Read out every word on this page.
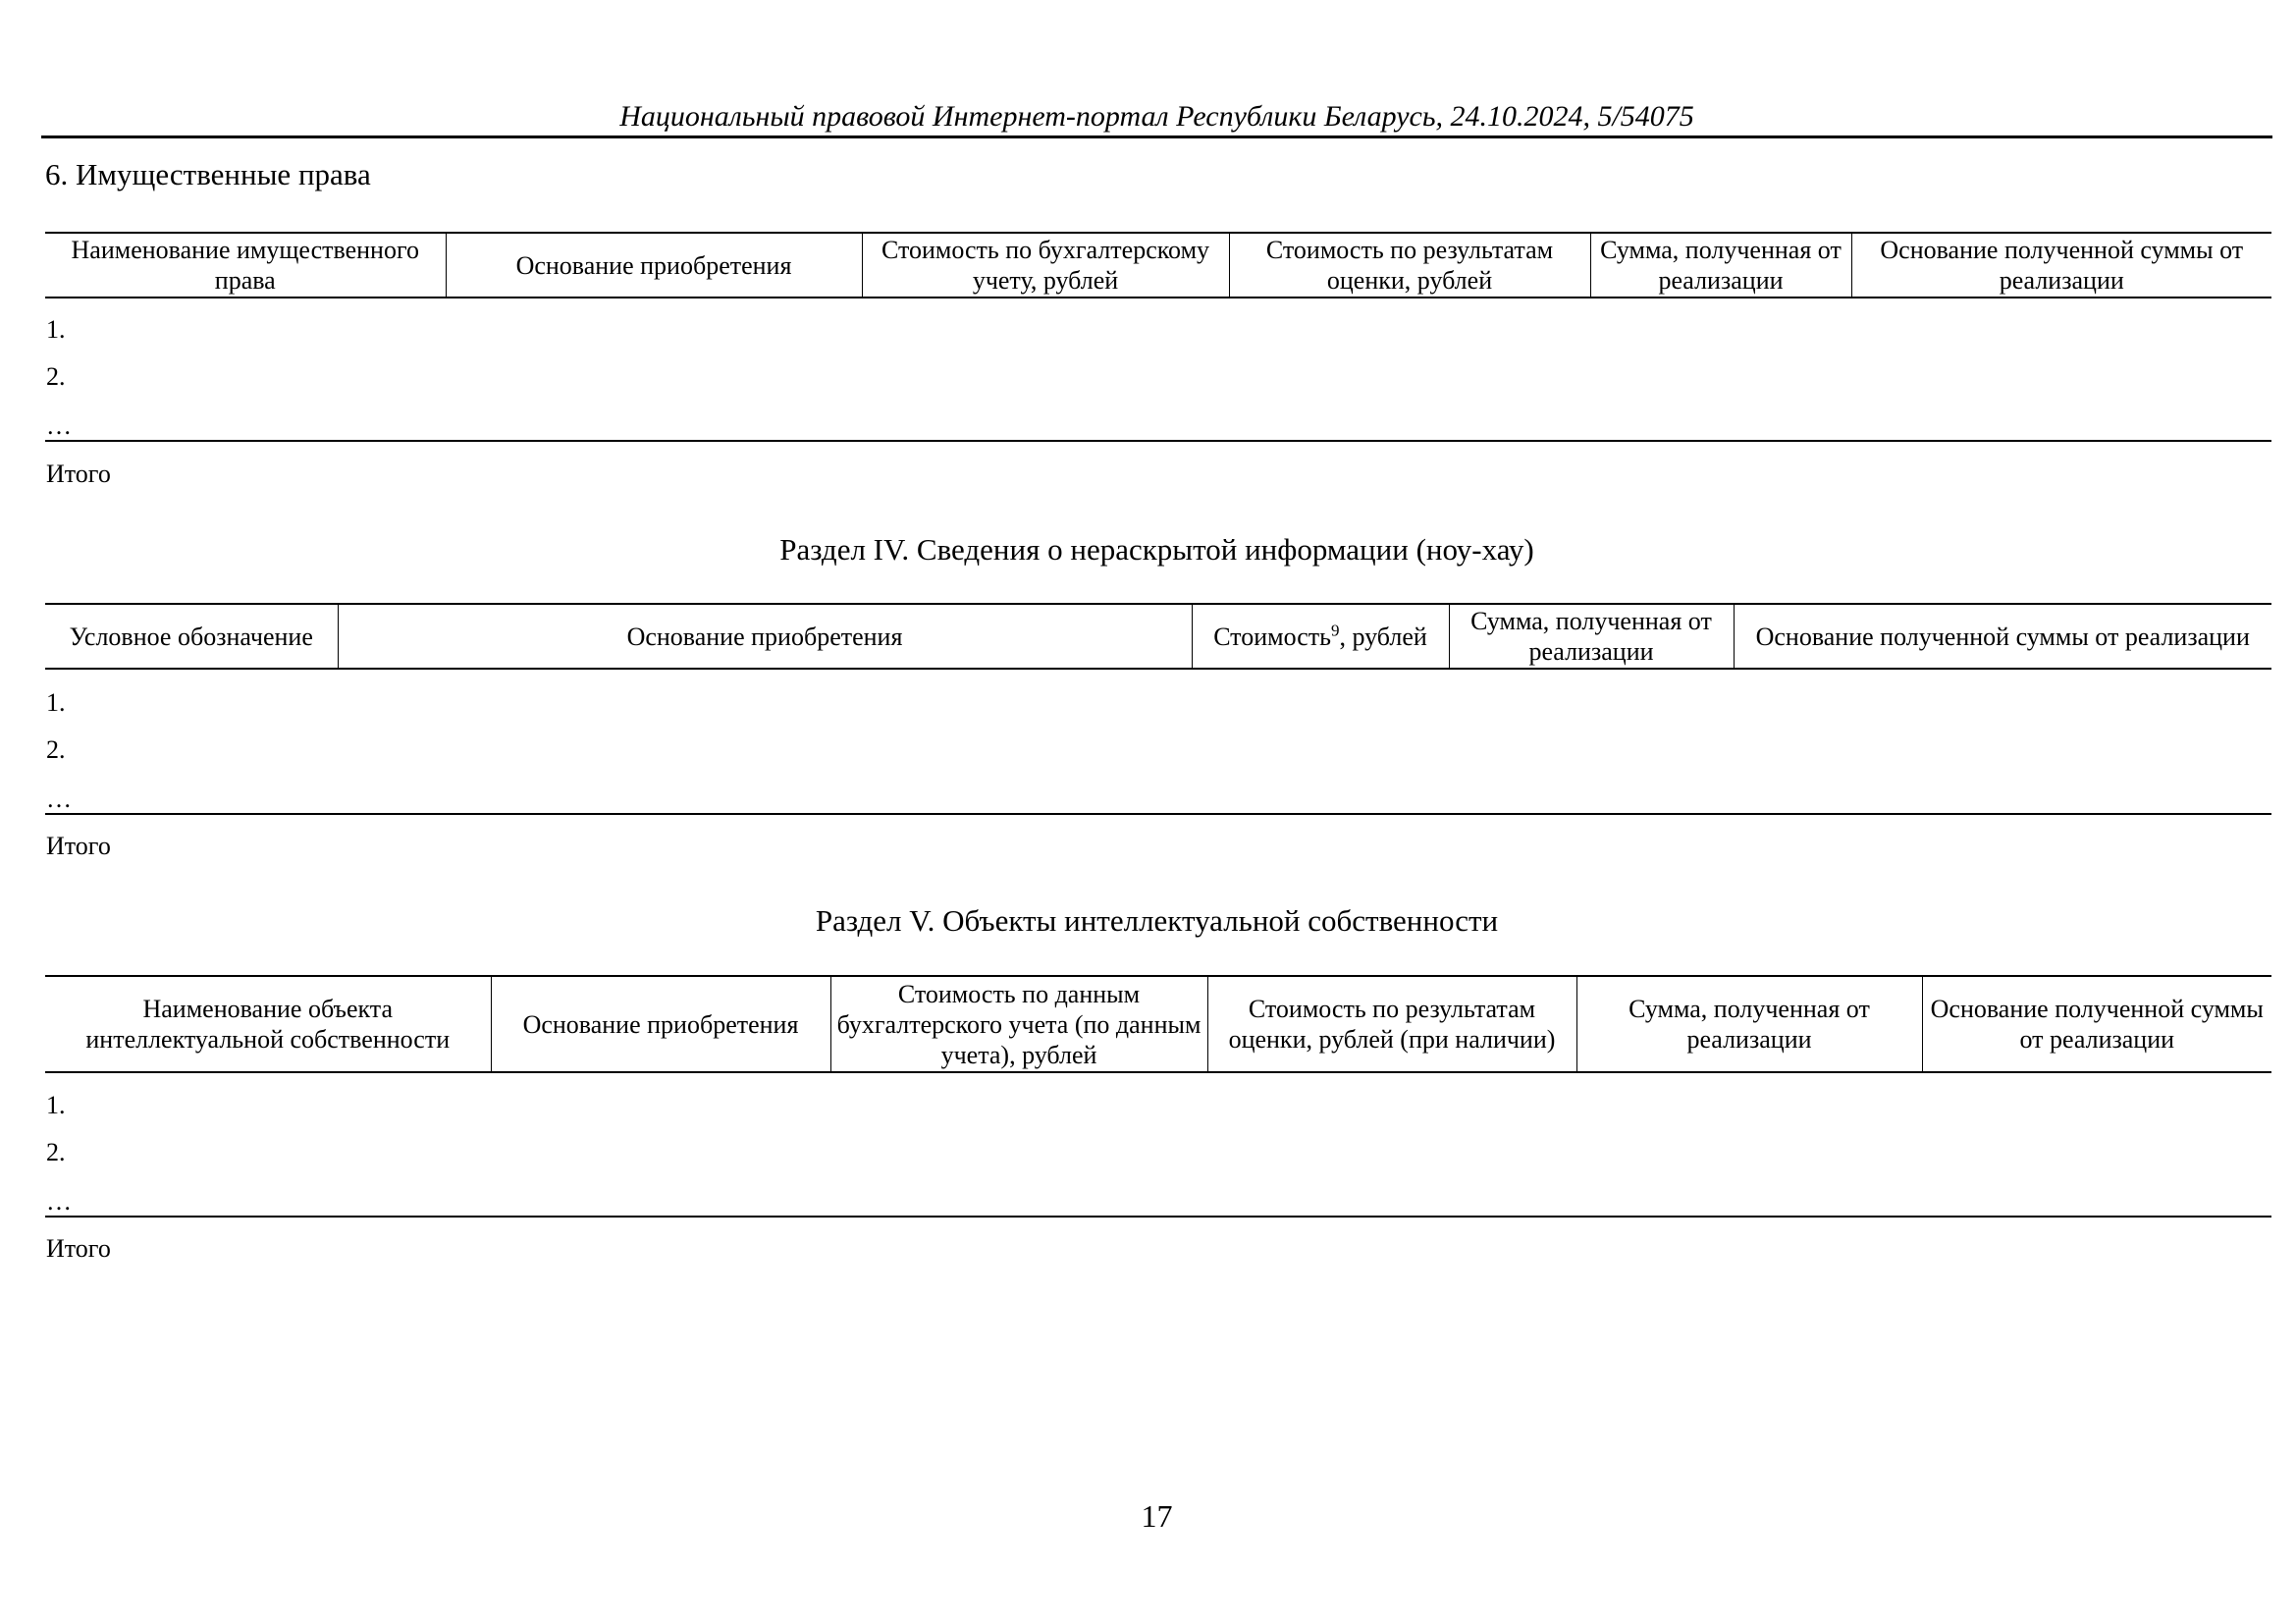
Национальный правовой Интернет-портал Республики Беларусь, 24.10.2024, 5/54075
6. Имущественные права
Наименование имущественного права	Основание приобретения	Стоимость по бухгалтерскому учету, рублей	Стоимость по результатам оценки, рублей	Сумма, полученная от реализации	Основание полученной суммы от реализации
1.
2.
…
Итого
Раздел IV. Сведения о нераскрытой информации (ноу-хау)
Условное обозначение	Основание приобретения	Стоимость$^9$, рублей	Сумма, полученная от реализации	Основание полученной суммы от реализации
1.
2.
…
Итого
Раздел V. Объекты интеллектуальной собственности
Наименование объекта интеллектуальной собственности	Основание приобретения	Стоимость по данным бухгалтерского учета (по данным учета), рублей	Стоимость по результатам оценки, рублей (при наличии)	Сумма, полученная от реализации	Основание полученной суммы от реализации
1.
2.
…
Итого
17
